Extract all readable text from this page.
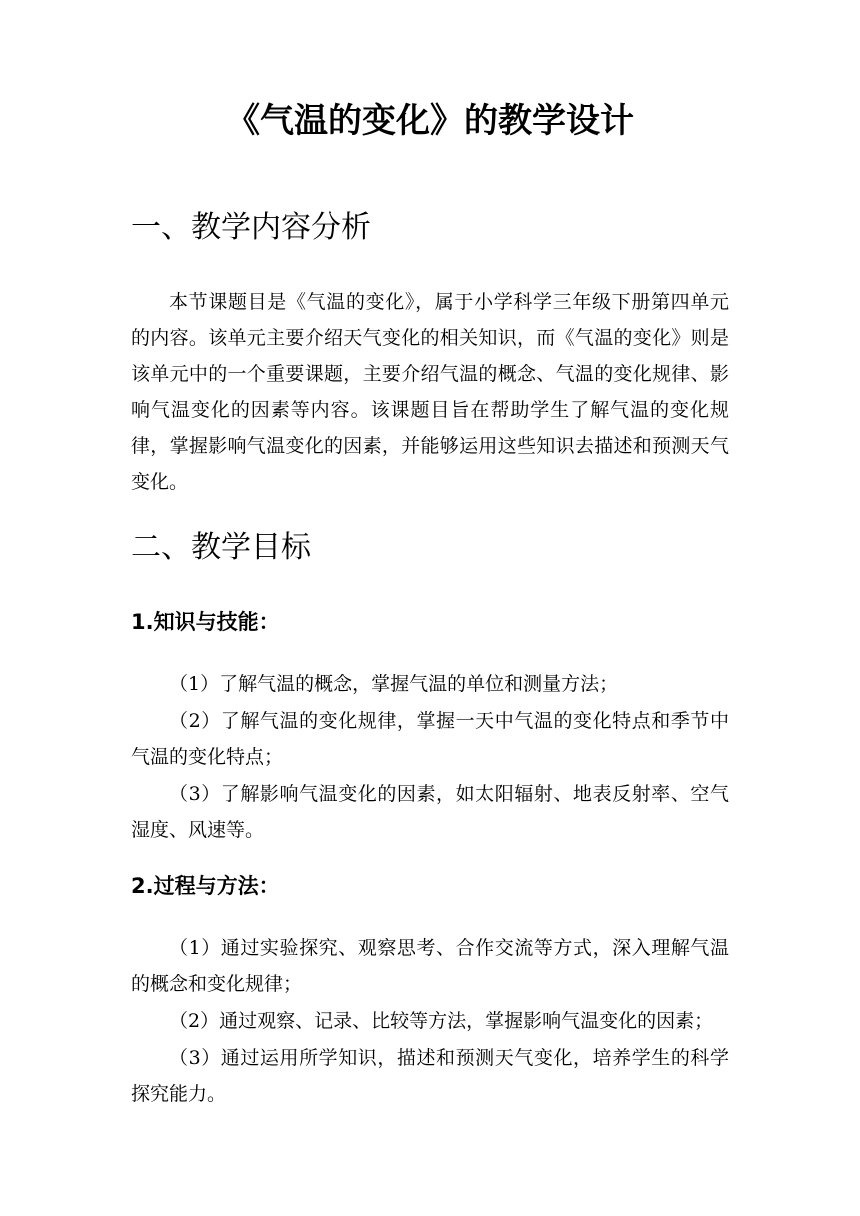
《气温的变化》的教学设计
一、教学内容分析

本节课题目是《气温的变化》，属于小学科学三年级下册第四单元的内容。该单元主要介绍天气变化的相关知识，而《气温的变化》则是该单元中的一个重要课题，主要介绍气温的概念、气温的变化规律、影响气温变化的因素等内容。该课题目旨在帮助学生了解气温的变化规律，掌握影响气温变化的因素，并能够运用这些知识去描述和预测天气变化。

二、教学目标
1.知识与技能：

（1）了解气温的概念，掌握气温的单位和测量方法；

（2）了解气温的变化规律，掌握一天中气温的变化特点和季节中气温的变化特点；

（3）了解影响气温变化的因素，如太阳辐射、地表反射率、空气湿度、风速等。

2.过程与方法：

（1）通过实验探究、观察思考、合作交流等方式，深入理解气温的概念和变化规律；

（2）通过观察、记录、比较等方法，掌握影响气温变化的因素；

（3）通过运用所学知识，描述和预测天气变化，培养学生的科学探究能力。
